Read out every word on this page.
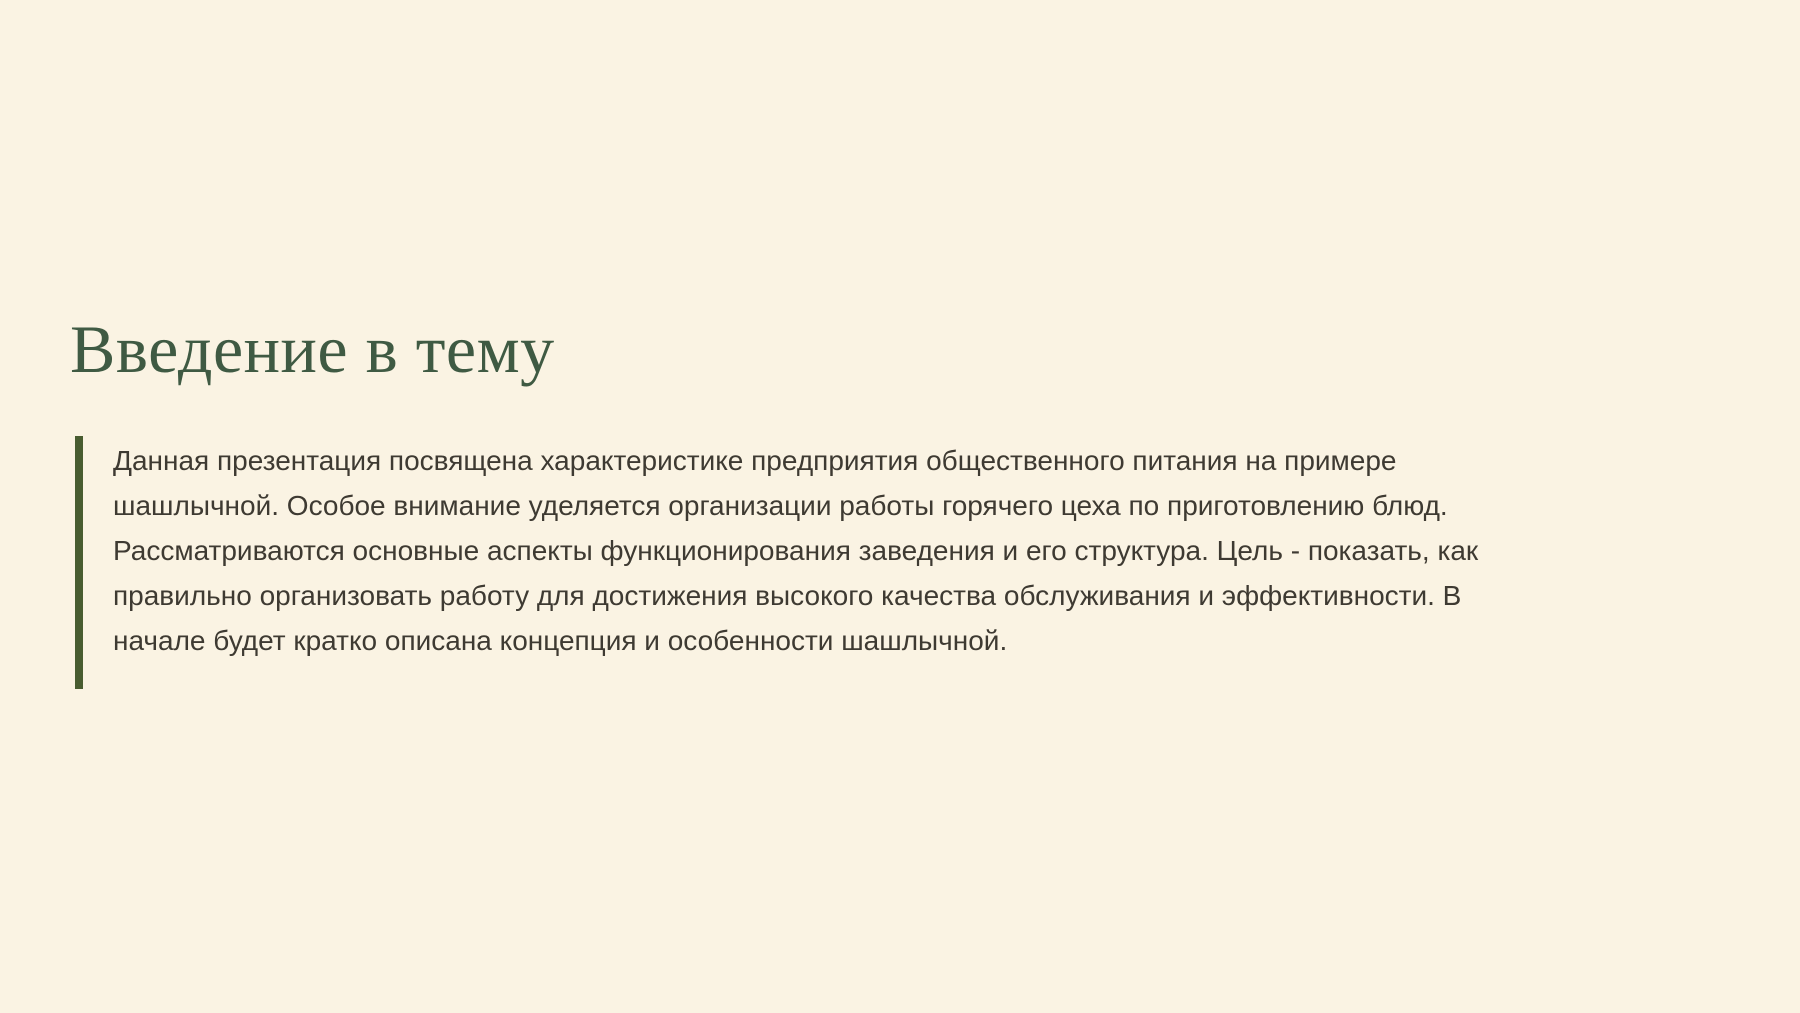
Введение в тему

Данная презентация посвящена характеристике предприятия общественного питания на примере шашлычной. Особое внимание уделяется организации работы горячего цеха по приготовлению блюд. Рассматриваются основные аспекты функционирования заведения и его структура. Цель - показать, как правильно организовать работу для достижения высокого качества обслуживания и эффективности. В начале будет кратко описана концепция и особенности шашлычной.
